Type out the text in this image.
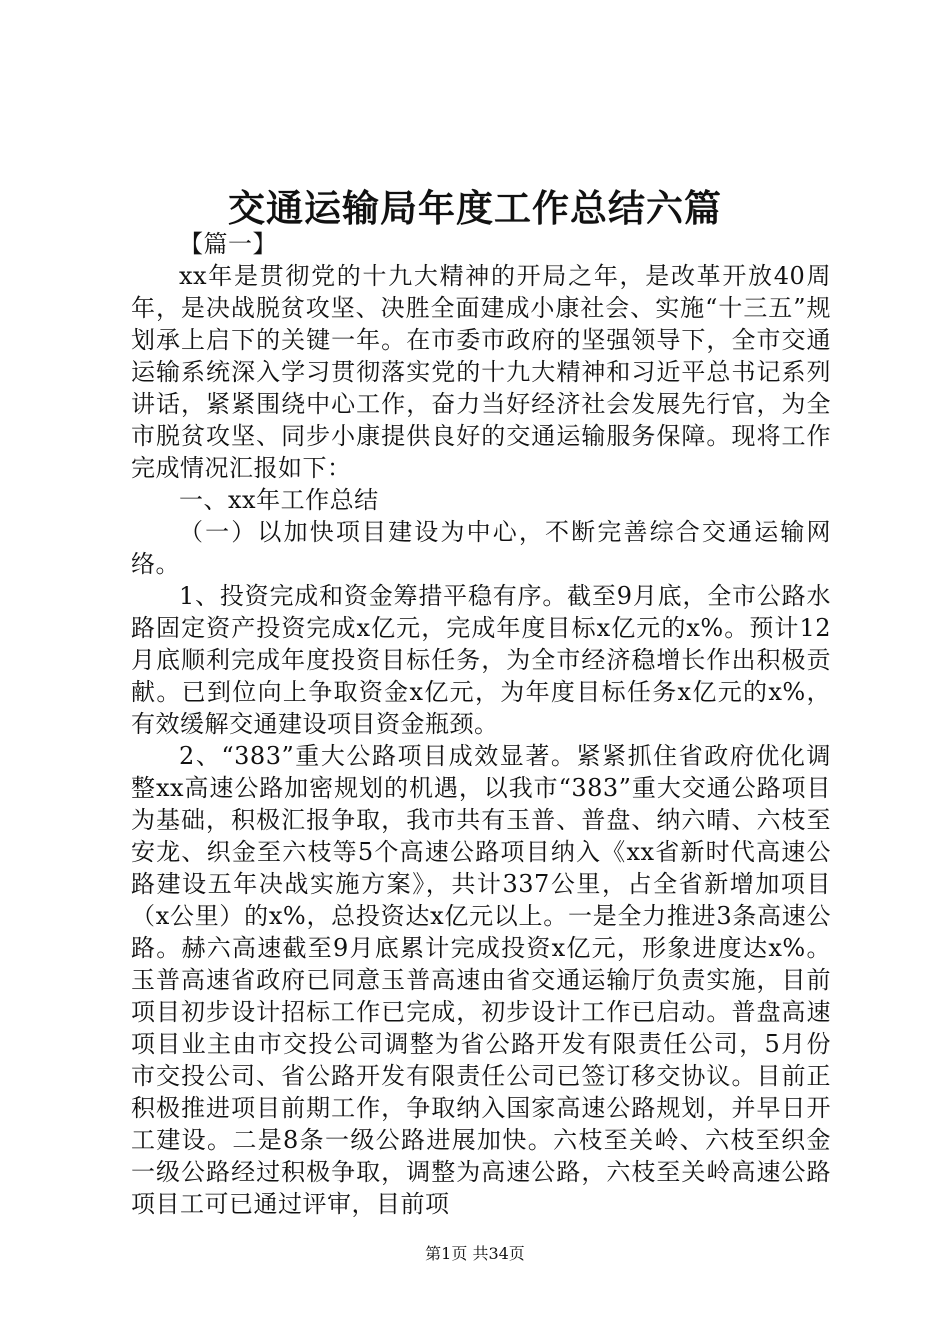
交通运输局年度工作总结六篇

【篇一】

xx年是贯彻党的十九大精神的开局之年，是改革开放40周年，是决战脱贫攻坚、决胜全面建成小康社会、实施“十三五”规划承上启下的关键一年。在市委市政府的坚强领导下，全市交通运输系统深入学习贯彻落实党的十九大精神和习近平总书记系列讲话，紧紧围绕中心工作，奋力当好经济社会发展先行官，为全市脱贫攻坚、同步小康提供良好的交通运输服务保障。现将工作完成情况汇报如下：

一、xx年工作总结

（一）以加快项目建设为中心，不断完善综合交通运输网络。

1、投资完成和资金筹措平稳有序。截至9月底，全市公路水路固定资产投资完成x亿元，完成年度目标x亿元的x%。预计12月底顺利完成年度投资目标任务，为全市经济稳增长作出积极贡献。已到位向上争取资金x亿元，为年度目标任务x亿元的x%，有效缓解交通建设项目资金瓶颈。

2、“383”重大公路项目成效显著。紧紧抓住省政府优化调整xx高速公路加密规划的机遇，以我市“383”重大交通公路项目为基础，积极汇报争取，我市共有玉普、普盘、纳六晴、六枝至安龙、织金至六枝等5个高速公路项目纳入《xx省新时代高速公路建设五年决战实施方案》，共计337公里，占全省新增加项目（x公里）的x%，总投资达x亿元以上。一是全力推进3条高速公路。赫六高速截至9月底累计完成投资x亿元，形象进度达x%。玉普高速省政府已同意玉普高速由省交通运输厅负责实施，目前项目初步设计招标工作已完成，初步设计工作已启动。普盘高速项目业主由市交投公司调整为省公路开发有限责任公司，5月份市交投公司、省公路开发有限责任公司已签订移交协议。目前正积极推进项目前期工作，争取纳入国家高速公路规划，并早日开工建设。二是8条一级公路进展加快。六枝至关岭、六枝至织金一级公路经过积极争取，调整为高速公路，六枝至关岭高速公路项目工可已通过评审，目前项

第1页 共34页
